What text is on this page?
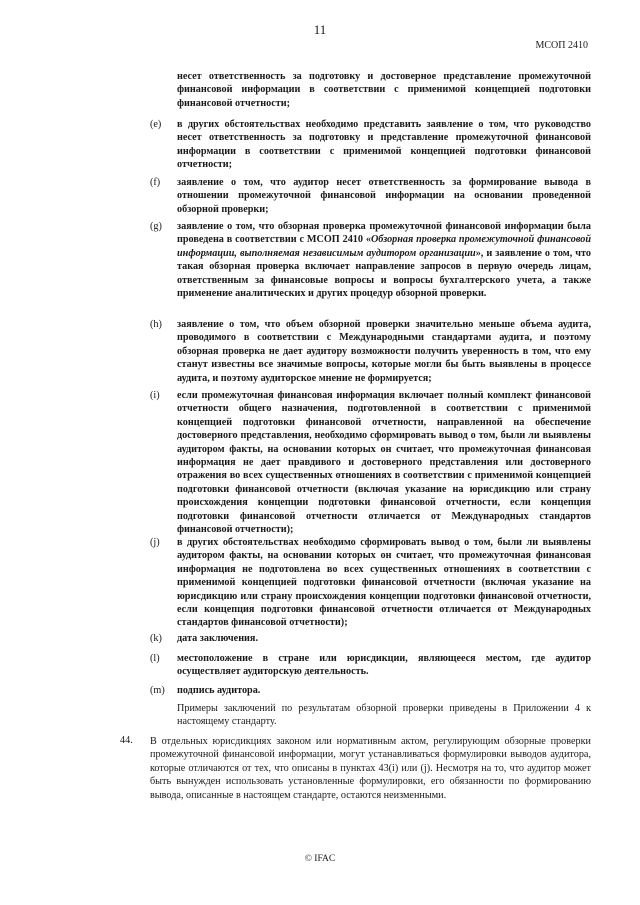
11
МСОП 2410
несет ответственность за подготовку и достоверное представление промежуточной финансовой информации в соответствии с применимой концепцией подготовки финансовой отчетности;
(e)	в других обстоятельствах необходимо представить заявление о том, что руководство несет ответственность за подготовку и представление промежуточной финансовой информации в соответствии с применимой концепцией подготовки финансовой отчетности;
(f)	заявление о том, что аудитор несет ответственность за формирование вывода в отношении промежуточной финансовой информации на основании проведенной обзорной проверки;
(g)	заявление о том, что обзорная проверка промежуточной финансовой информации была проведена в соответствии с МСОП 2410 «Обзорная проверка промежуточной финансовой информации, выполняемая независимым аудитором организации», и заявление о том, что такая обзорная проверка включает направление запросов в первую очередь лицам, ответственным за финансовые вопросы и вопросы бухгалтерского учета, а также применение аналитических и других процедур обзорной проверки.
(h)	заявление о том, что объем обзорной проверки значительно меньше объема аудита, проводимого в соответствии с Международными стандартами аудита, и поэтому обзорная проверка не дает аудитору возможности получить уверенность в том, что ему станут известны все значимые вопросы, которые могли бы быть выявлены в процессе аудита, и поэтому аудиторское мнение не формируется;
(i)	если промежуточная финансовая информация включает полный комплект финансовой отчетности общего назначения, подготовленной в соответствии с применимой концепцией подготовки финансовой отчетности, направленной на обеспечение достоверного представления, необходимо сформировать вывод о том, были ли выявлены аудитором факты, на основании которых он считает, что промежуточная финансовая информация не дает правдивого и достоверного представления или достоверного отражения во всех существенных отношениях в соответствии с применимой концепцией подготовки финансовой отчетности (включая указание на юрисдикцию или страну происхождения концепции подготовки финансовой отчетности, если концепция подготовки финансовой отчетности отличается от Международных стандартов финансовой отчетности);
(j)	в других обстоятельствах необходимо сформировать вывод о том, были ли выявлены аудитором факты, на основании которых он считает, что промежуточная финансовая информация не подготовлена во всех существенных отношениях в соответствии с применимой концепцией подготовки финансовой отчетности (включая указание на юрисдикцию или страну происхождения концепции подготовки финансовой отчетности, если концепция подготовки финансовой отчетности отличается от Международных стандартов финансовой отчетности);
(k)	дата заключения.
(l)	местоположение в стране или юрисдикции, являющееся местом, где аудитор осуществляет аудиторскую деятельность.
(m)	подпись аудитора.
Примеры заключений по результатам обзорной проверки приведены в Приложении 4 к настоящему стандарту.
44. В отдельных юрисдикциях законом или нормативным актом, регулирующим обзорные проверки промежуточной финансовой информации, могут устанавливаться формулировки выводов аудитора, которые отличаются от тех, что описаны в пунктах 43(i) или (j). Несмотря на то, что аудитор может быть вынужден использовать установленные формулировки, его обязанности по формированию вывода, описанные в настоящем стандарте, остаются неизменными.
© IFAC
